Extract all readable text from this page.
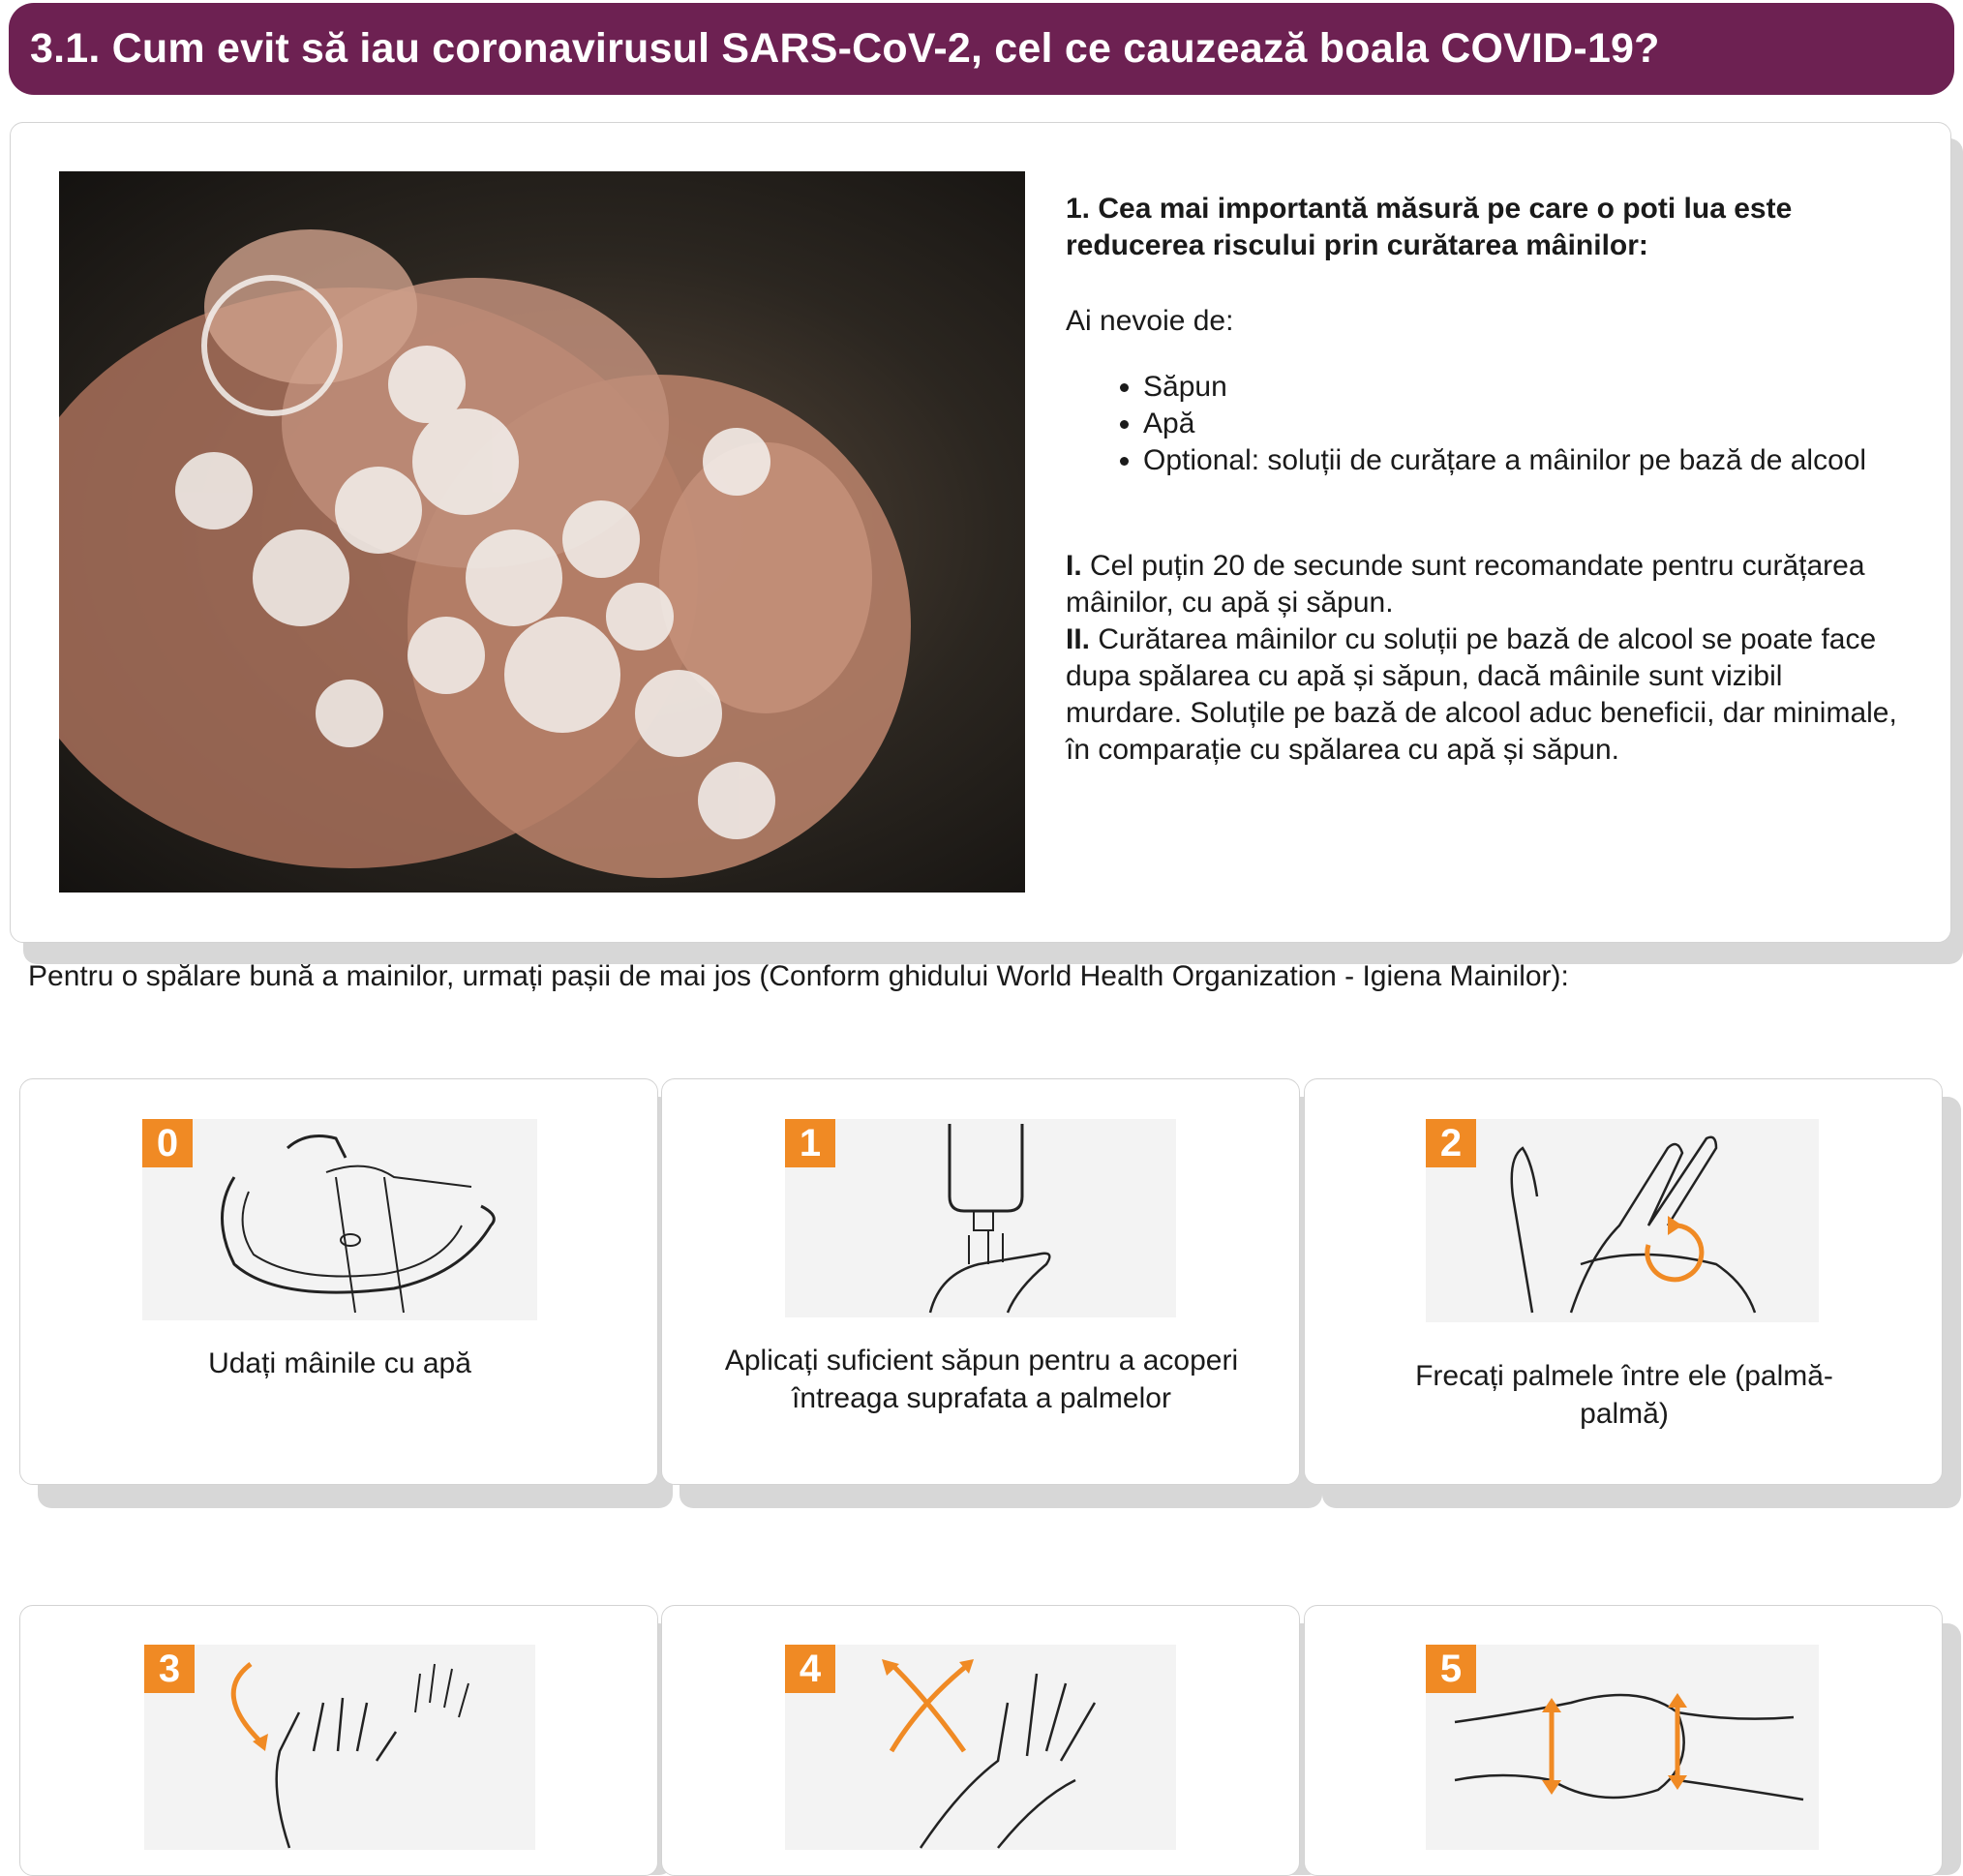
3.1. Cum evit să iau coronavirusul SARS-CoV-2, cel ce cauzează boala COVID-19?

1. Cea mai importantă măsură pe care o poti lua este reducerea riscului prin curătarea mâinilor:

Ai nevoie de:

• Săpun
• Apă
• Optional: soluții de curățare a mâinilor pe bază de alcool

I. Cel puțin 20 de secunde sunt recomandate pentru curățarea mâinilor, cu apă și săpun.

II. Curătarea mâinilor cu soluții pe bază de alcool se poate face dupa spălarea cu apă și săpun, dacă mâinile sunt vizibil murdare. Soluțile pe bază de alcool aduc beneficii, dar minimale, în comparație cu spălarea cu apă și săpun.

Pentru o spălare bună a mainilor, urmați pașii de mai jos (Conform ghidului World Health Organization - Igiena Mainilor):
0
Udați mâinile cu apă
1
Aplicați suficient săpun pentru a acoperi întreaga suprafata a palmelor
2
Frecați palmele între ele (palmă-palmă)
3	4	5
